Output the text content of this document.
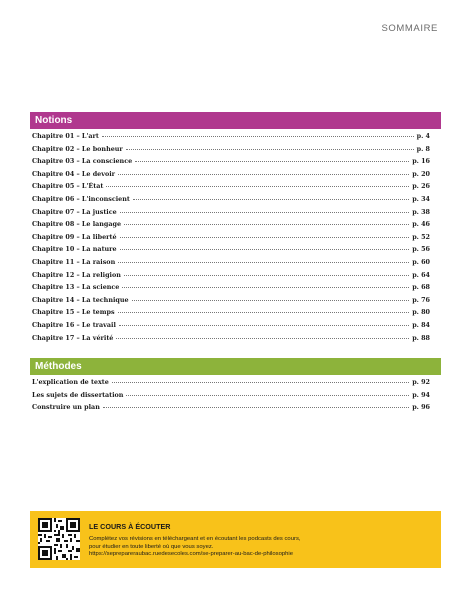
SOMMAIRE
Notions
Chapitre 01 – L'art	p. 4
Chapitre 02 – Le bonheur	p. 8
Chapitre 03 – La conscience	p. 16
Chapitre 04 – Le devoir	p. 20
Chapitre 05 – L'État	p. 26
Chapitre 06 – L'inconscient	p. 34
Chapitre 07 – La justice	p. 38
Chapitre 08 – Le langage	p. 46
Chapitre 09 – La liberté	p. 52
Chapitre 10 – La nature	p. 56
Chapitre 11 – La raison	p. 60
Chapitre 12 – La religion	p. 64
Chapitre 13 – La science	p. 68
Chapitre 14 – La technique	p. 76
Chapitre 15 – Le temps	p. 80
Chapitre 16 – Le travail	p. 84
Chapitre 17 – La vérité	p. 88
Méthodes
L'explication de texte	p. 92
Les sujets de dissertation	p. 94
Construire un plan	p. 96
LE COURS À ÉCOUTER
Complétez vos révisions en téléchargeant et en écoutant les podcasts des cours,
pour étudier en toute liberté où que vous soyez.
https://sepreparerаubac.ruedesecoles.com/se-preparer-au-bac-de-philosophie
